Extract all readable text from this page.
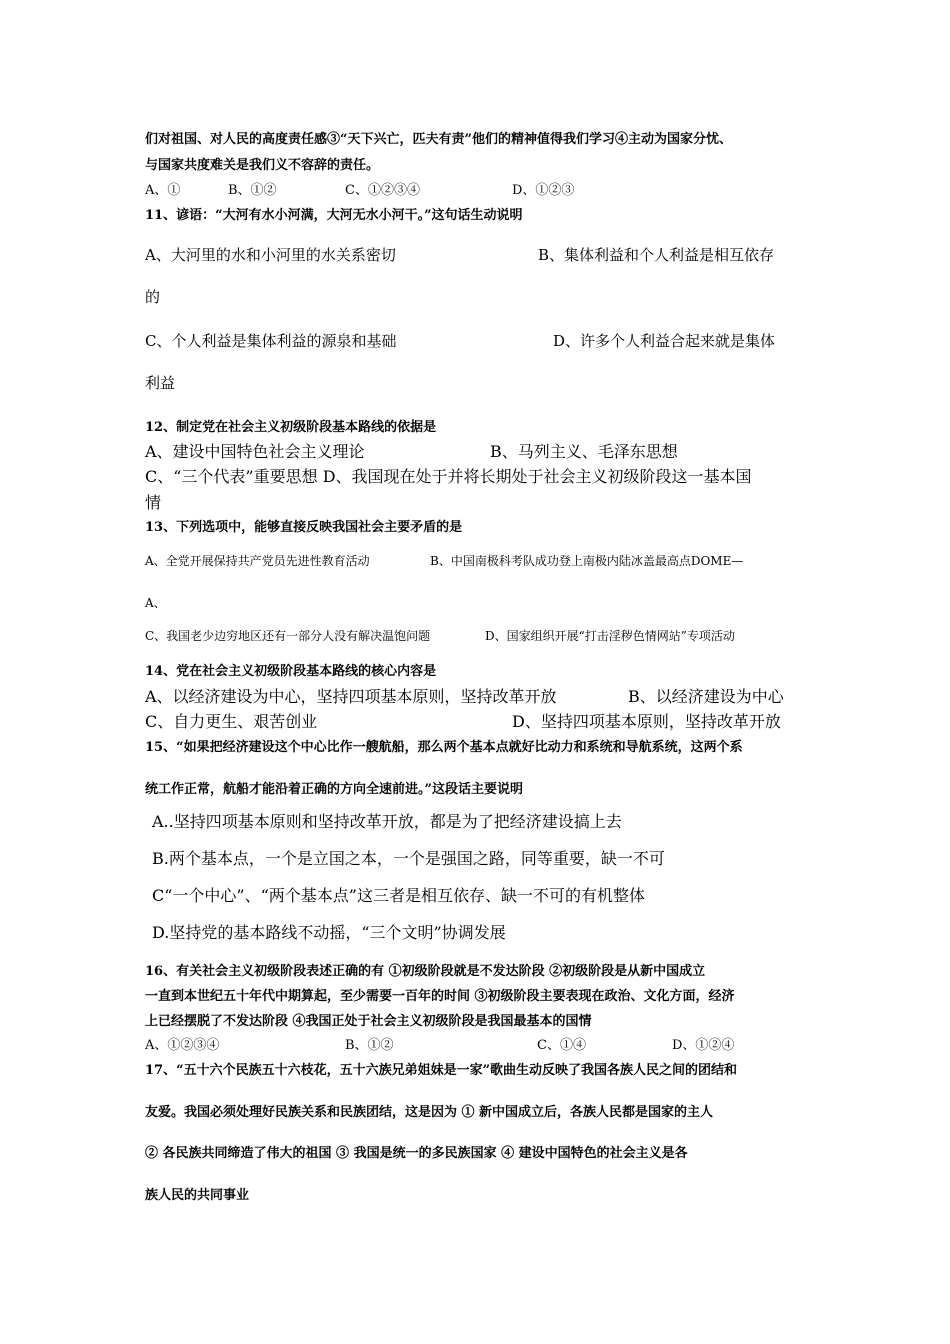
们对祖国、对人民的高度责任感③“天下兴亡，匹夫有责”他们的精神值得我们学习④主动为国家分忧、
与国家共度难关是我们义不容辞的责任。
A、①	B、①②	C、①②③④	D、①②③
11、谚语：“大河有水小河满，大河无水小河干。”这句话生动说明
A、大河里的水和小河里的水关系密切	B、集体利益和个人利益是相互依存
的
C、个人利益是集体利益的源泉和基础	D、许多个人利益合起来就是集体
利益
12、制定党在社会主义初级阶段基本路线的依据是
A、建设中国特色社会主义理论	B、马列主义、毛泽东思想
C、“三个代表”重要思想 D、我国现在处于并将长期处于社会主义初级阶段这一基本国
情
13、下列选项中，能够直接反映我国社会主要矛盾的是
A、全党开展保持共产党员先进性教育活动	B、中国南极科考队成功登上南极内陆冰盖最高点DOME—
A、
C、我国老少边穷地区还有一部分人没有解决温饱问题	D、国家组织开展“打击淫秽色情网站”专项活动
14、党在社会主义初级阶段基本路线的核心内容是
A、以经济建设为中心，坚持四项基本原则，坚持改革开放	B、以经济建设为中心
C、自力更生、艰苦创业	D、坚持四项基本原则，坚持改革开放
15、“如果把经济建设这个中心比作一艘航船，那么两个基本点就好比动力和系统和导航系统，这两个系
统工作正常，航船才能沿着正确的方向全速前进。”这段话主要说明
A..坚持四项基本原则和坚持改革开放，都是为了把经济建设搞上去
B.两个基本点，一个是立国之本，一个是强国之路，同等重要，缺一不可
C“一个中心”、“两个基本点”这三者是相互依存、缺一不可的有机整体
D.坚持党的基本路线不动摇，“三个文明”协调发展
16、有关社会主义初级阶段表述正确的有 ①初级阶段就是不发达阶段 ②初级阶段是从新中国成立
一直到本世纪五十年代中期算起，至少需要一百年的时间 ③初级阶段主要表现在政治、文化方面，经济
上已经摆脱了不发达阶段 ④我国正处于社会主义初级阶段是我国最基本的国情
A、①②③④	B、①②	C、①④	D、①②④
17、“五十六个民族五十六枝花，五十六族兄弟姐妹是一家”歌曲生动反映了我国各族人民之间的团结和
友爱。我国必须处理好民族关系和民族团结，这是因为 ① 新中国成立后，各族人民都是国家的主人
② 各民族共同缔造了伟大的祖国 ③ 我国是统一的多民族国家 ④ 建设中国特色的社会主义是各
族人民的共同事业
